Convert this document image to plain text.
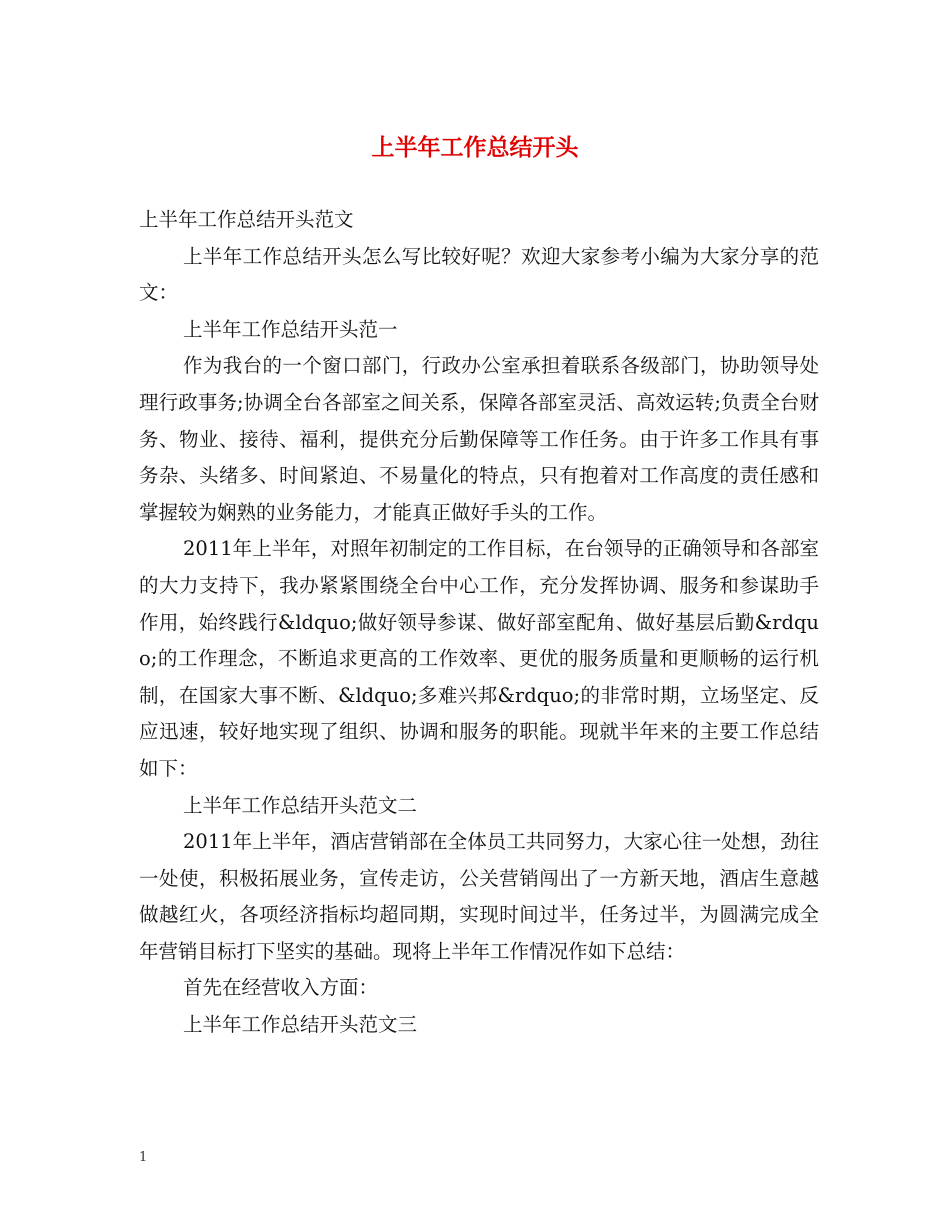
上半年工作总结开头

上半年工作总结开头范文

上半年工作总结开头怎么写比较好呢？欢迎大家参考小编为大家分享的范文：

上半年工作总结开头范一

作为我台的一个窗口部门，行政办公室承担着联系各级部门，协助领导处理行政事务;协调全台各部室之间关系，保障各部室灵活、高效运转;负责全台财务、物业、接待、福利，提供充分后勤保障等工作任务。由于许多工作具有事务杂、头绪多、时间紧迫、不易量化的特点，只有抱着对工作高度的责任感和掌握较为娴熟的业务能力，才能真正做好手头的工作。

2011年上半年，对照年初制定的工作目标，在台领导的正确领导和各部室的大力支持下，我办紧紧围绕全台中心工作，充分发挥协调、服务和参谋助手作用，始终践行&ldquo;做好领导参谋、做好部室配角、做好基层后勤&rdquo;的工作理念，不断追求更高的工作效率、更优的服务质量和更顺畅的运行机制，在国家大事不断、&ldquo;多难兴邦&rdquo;的非常时期，立场坚定、反应迅速，较好地实现了组织、协调和服务的职能。现就半年来的主要工作总结如下：

上半年工作总结开头范文二

2011年上半年，酒店营销部在全体员工共同努力，大家心往一处想，劲往一处使，积极拓展业务，宣传走访，公关营销闯出了一方新天地，酒店生意越做越红火，各项经济指标均超同期，实现时间过半，任务过半，为圆满完成全年营销目标打下坚实的基础。现将上半年工作情况作如下总结：

首先在经营收入方面：

上半年工作总结开头范文三

1
